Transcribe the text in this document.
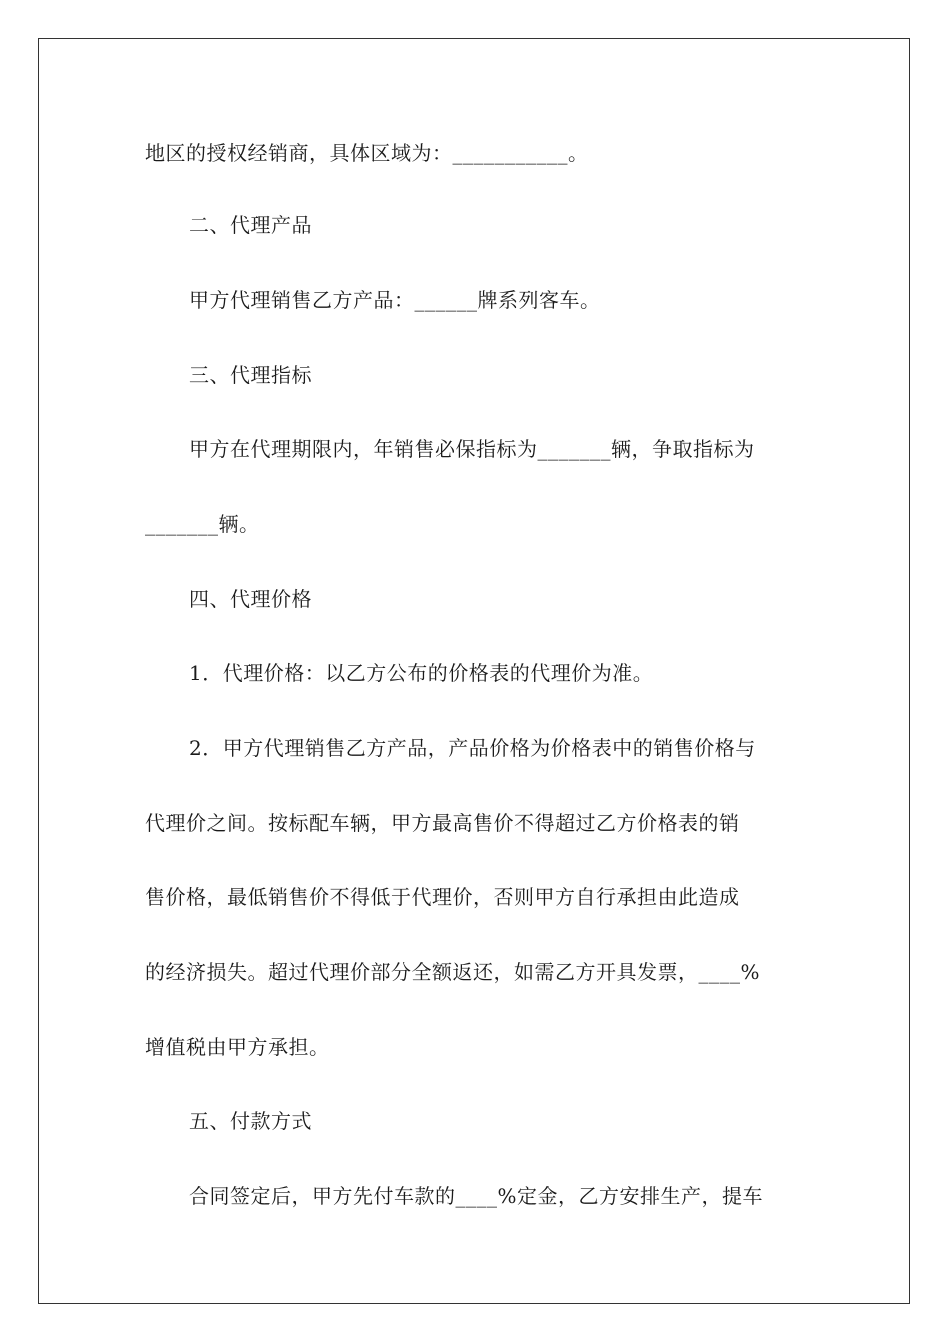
地区的授权经销商，具体区域为：___________。
二、代理产品
甲方代理销售乙方产品：______牌系列客车。
三、代理指标
甲方在代理期限内，年销售必保指标为_______辆，争取指标为
_______辆。
四、代理价格
1．代理价格：以乙方公布的价格表的代理价为准。
2．甲方代理销售乙方产品，产品价格为价格表中的销售价格与
代理价之间。按标配车辆，甲方最高售价不得超过乙方价格表的销
售价格，最低销售价不得低于代理价，否则甲方自行承担由此造成
的经济损失。超过代理价部分全额返还，如需乙方开具发票，____%
增值税由甲方承担。
五、付款方式
合同签定后，甲方先付车款的____%定金，乙方安排生产，提车
